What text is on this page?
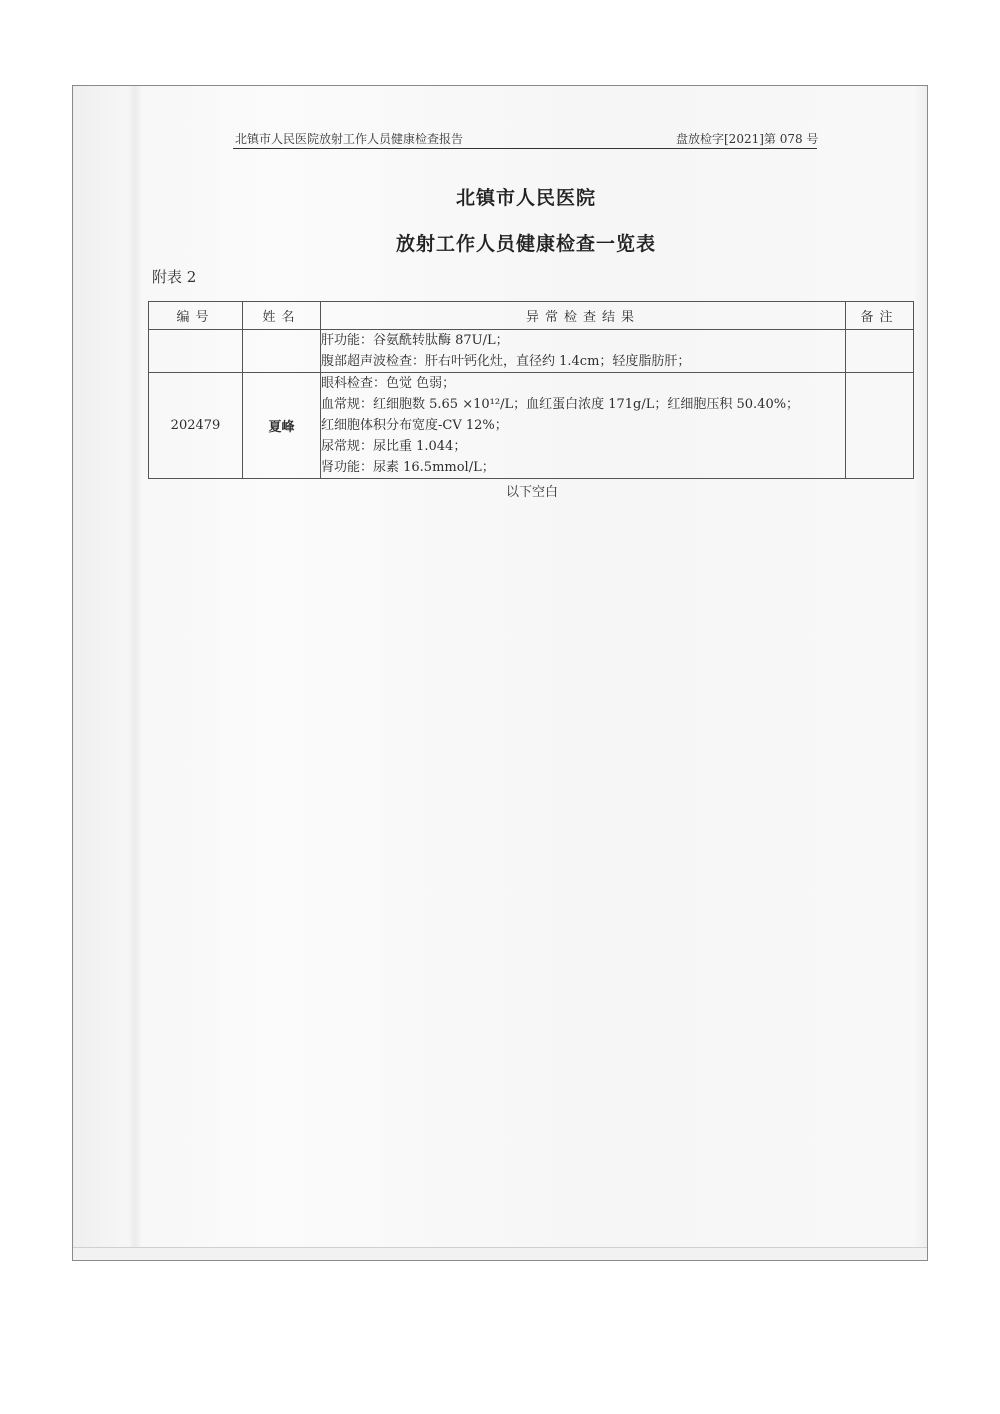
北镇市人民医院放射工作人员健康检查报告	盘放检字[2021]第 078 号
北镇市人民医院
放射工作人员健康检查一览表
附表 2
编号	姓名	异常检查结果	备注

		肝功能：谷氨酰转肽酶 87U/L；
腹部超声波检查：肝右叶钙化灶，直径约 1.4cm；轻度脂肪肝；	

202479	夏峰	眼科检查：色觉 色弱；
血常规：红细胞数 5.65 ×10¹²/L；血红蛋白浓度 171g/L；红细胞压积 50.40%；
红细胞体积分布宽度-CV 12%；
尿常规：尿比重 1.044；
肾功能：尿素 16.5mmol/L；	

以下空白
